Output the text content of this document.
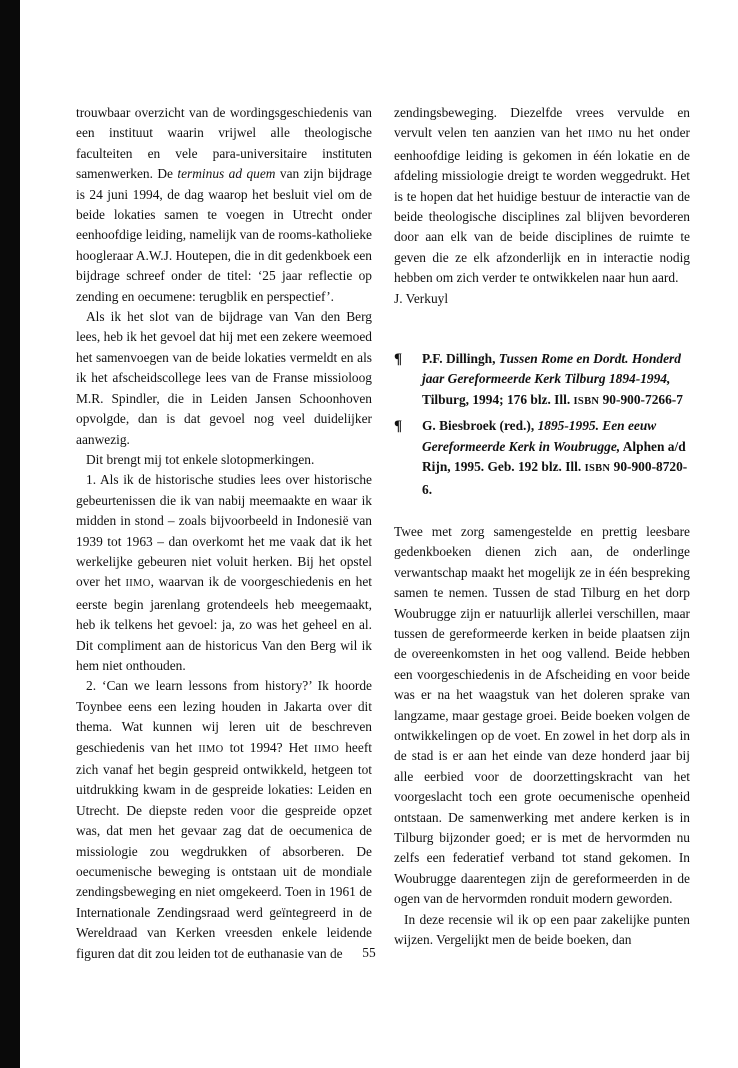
trouwbaar overzicht van de wordingsgeschiedenis van een instituut waarin vrijwel alle theologische faculteiten en vele para-universitaire instituten samenwerken. De terminus ad quem van zijn bijdrage is 24 juni 1994, de dag waarop het besluit viel om de beide lokaties samen te voegen in Utrecht onder eenhoofdige leiding, namelijk van de rooms-katholieke hoogleraar A.W.J. Houtepen, die in dit gedenkboek een bijdrage schreef onder de titel: ‘25 jaar reflectie op zending en oecumene: terugblik en perspectief’.

Als ik het slot van de bijdrage van Van den Berg lees, heb ik het gevoel dat hij met een zekere weemoed het samenvoegen van de beide lokaties vermeldt en als ik het afscheidscollege lees van de Franse missioloog M.R. Spindler, die in Leiden Jansen Schoonhoven opvolgde, dan is dat gevoel nog veel duidelijker aanwezig.

Dit brengt mij tot enkele slotopmerkingen.

1. Als ik de historische studies lees over historische gebeurtenissen die ik van nabij meemaakte en waar ik midden in stond – zoals bijvoorbeeld in Indonesië van 1939 tot 1963 – dan overkomt het me vaak dat ik het werkelijke gebeuren niet voluit herken. Bij het opstel over het IIMO, waarvan ik de voorgeschiedenis en het eerste begin jarenlang grotendeels heb meegemaakt, heb ik telkens het gevoel: ja, zo was het geheel en al. Dit compliment aan de historicus Van den Berg wil ik hem niet onthouden.

2. ‘Can we learn lessons from history?’ Ik hoorde Toynbee eens een lezing houden in Jakarta over dit thema. Wat kunnen wij leren uit de beschreven geschiedenis van het IIMO tot 1994? Het IIMO heeft zich vanaf het begin gespreid ontwikkeld, hetgeen tot uitdrukking kwam in de gespreide lokaties: Leiden en Utrecht. De diepste reden voor die gespreide opzet was, dat men het gevaar zag dat de oecumenica de missiologie zou wegdrukken of absorberen. De oecumenische beweging is ontstaan uit de mondiale zendingsbeweging en niet omgekeerd. Toen in 1961 de Internationale Zendingsraad werd geïntegreerd in de Wereldraad van Kerken vreesden enkele leidende figuren dat dit zou leiden tot de euthanasie van de

zendingsbeweging. Diezelfde vrees vervulde en vervult velen ten aanzien van het IIMO nu het onder eenhoofdige leiding is gekomen in één lokatie en de afdeling missiologie dreigt te worden weggedrukt. Het is te hopen dat het huidige bestuur de interactie van de beide theologische disciplines zal blijven bevorderen door aan elk van de beide disciplines de ruimte te geven die ze elk afzonderlijk en in interactie nodig hebben om zich verder te ontwikkelen naar hun aard.

J. Verkuyl

¶	P.F. Dillingh, Tussen Rome en Dordt. Honderd jaar Gereformeerde Kerk Tilburg 1894-1994, Tilburg, 1994; 176 blz. Ill. ISBN 90-900-7266-7
¶	G. Biesbroek (red.), 1895-1995. Een eeuw Gereformeerde Kerk in Woubrugge, Alphen a/d Rijn, 1995. Geb. 192 blz. Ill. ISBN 90-900-8720-6.

Twee met zorg samengestelde en prettig leesbare gedenkboeken dienen zich aan, de onderlinge verwantschap maakt het mogelijk ze in één bespreking samen te nemen. Tussen de stad Tilburg en het dorp Woubrugge zijn er natuurlijk allerlei verschillen, maar tussen de gereformeerde kerken in beide plaatsen zijn de overeenkomsten in het oog vallend. Beide hebben een voorgeschiedenis in de Afscheiding en voor beide was er na het waagstuk van het doleren sprake van langzame, maar gestage groei. Beide boeken volgen de ontwikkelingen op de voet. En zowel in het dorp als in de stad is er aan het einde van deze honderd jaar bij alle eerbied voor de doorzettingskracht van het voorgeslacht toch een grote oecumenische openheid ontstaan. De samenwerking met andere kerken is in Tilburg bijzonder goed; er is met de hervormden nu zelfs een federatief verband tot stand gekomen. In Woubrugge daarentegen zijn de gereformeerden in de ogen van de hervormden ronduit modern geworden.

In deze recensie wil ik op een paar zakelijke punten wijzen. Vergelijkt men de beide boeken, dan

55
